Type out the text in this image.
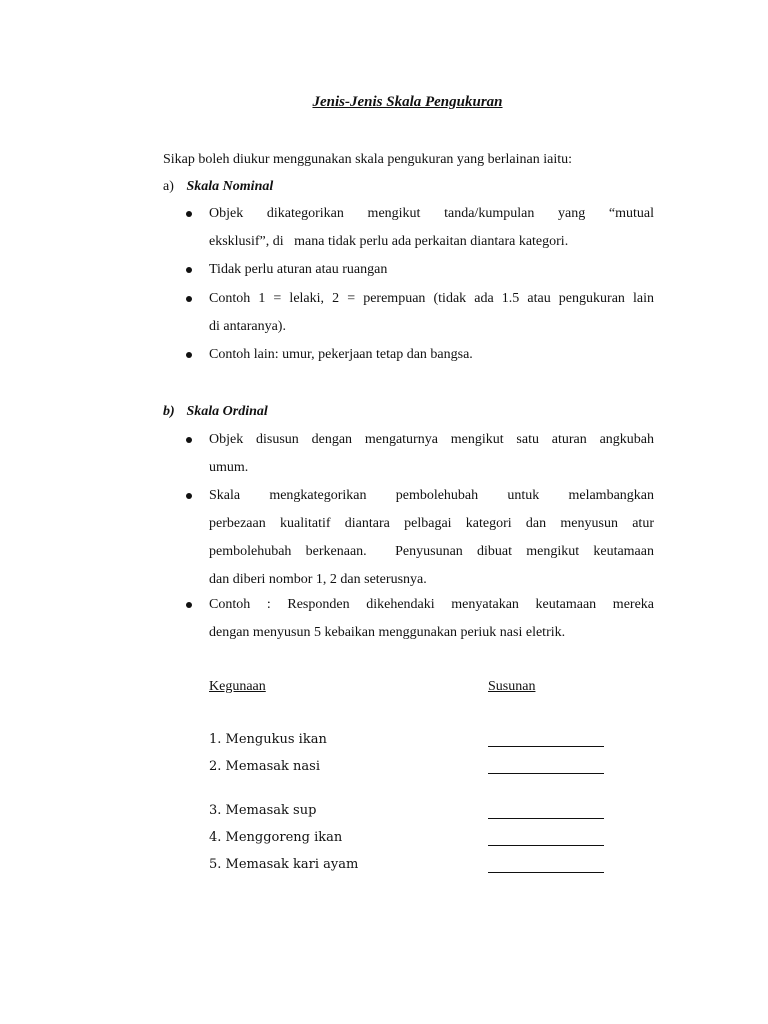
Jenis-Jenis Skala Pengukuran
Sikap boleh diukur menggunakan skala pengukuran yang berlainan iaitu:
a) Skala Nominal
Objek dikategorikan mengikut tanda/kumpulan yang “mutual
eksklusif”, di   mana tidak perlu ada perkaitan diantara kategori.
Tidak perlu aturan atau ruangan
Contoh 1 = lelaki, 2 = perempuan (tidak ada 1.5 atau pengukuran lain
di antaranya).
Contoh lain: umur, pekerjaan tetap dan bangsa.
b) Skala Ordinal
Objek disusun dengan mengaturnya mengikut satu aturan angkubah
umum.
Skala mengkategorikan pembolehubah untuk melambangkan
perbezaan kualitatif diantara pelbagai kategori dan menyusun atur
pembolehubah berkenaan.  Penyusunan dibuat mengikut keutamaan
dan diberi nombor 1, 2 dan seterusnya.
Contoh : Responden dikehendaki menyatakan keutamaan mereka
dengan menyusun 5 kebaikan menggunakan periuk nasi eletrik.
Kegunaan	Susunan
1. Mengukus ikan
2. Memasak nasi
3. Memasak sup
4. Menggoreng ikan
5. Memasak kari ayam
